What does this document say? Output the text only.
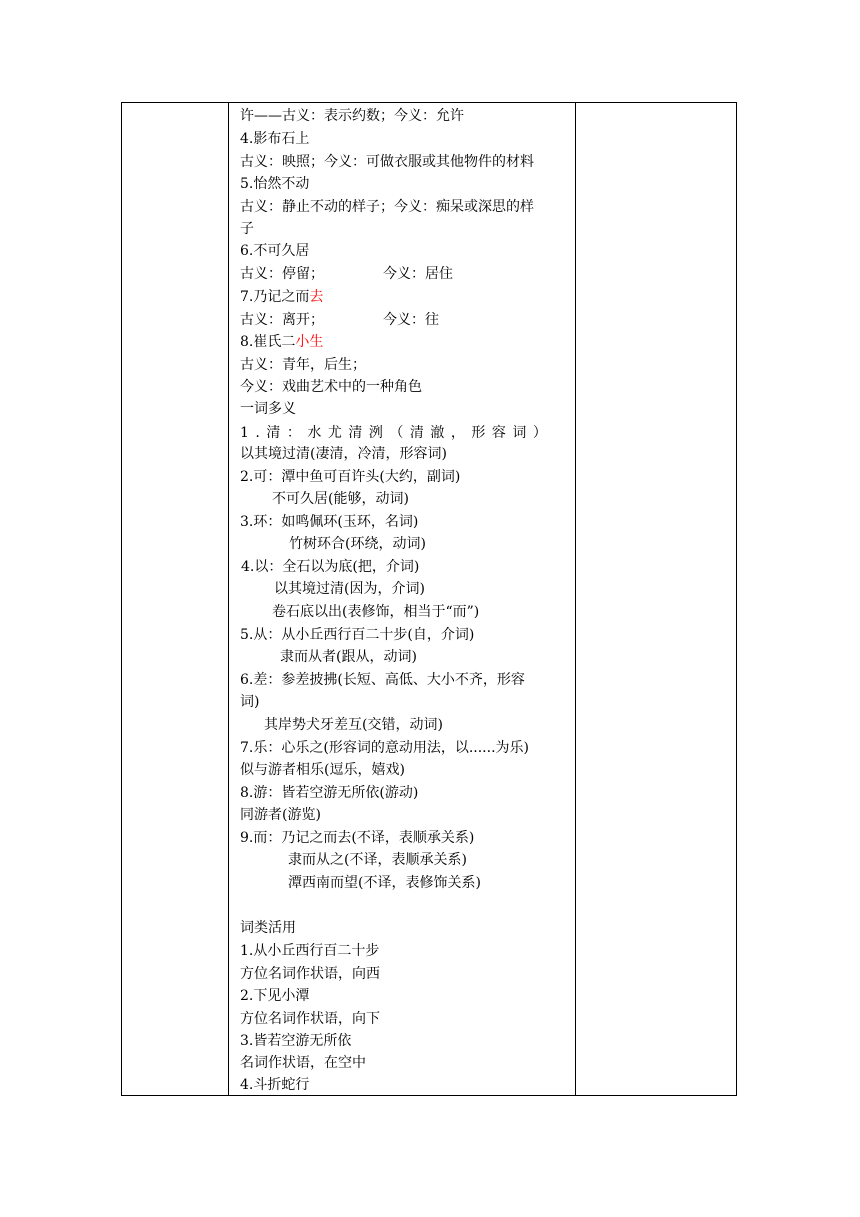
许——古义：表示约数；今义：允许
4.影布石上
古义：映照；今义：可做衣服或其他物件的材料
5.怡然不动
古义：静止不动的样子；今义：痴呆或深思的样
子
6.不可久居
古义：停留；	今义：居住
7.乃记之而去
古义：离开；	今义：往
8.崔氏二小生
古义：青年，后生；
今义：戏曲艺术中的一种角色
一词多义
1.清：水尤清洌（清澈，形容词）
以其境过清(凄清，冷清，形容词)
2.可：潭中鱼可百许头(大约，副词)
不可久居(能够，动词)
3.环：如鸣佩环(玉环，名词)
竹树环合(环绕，动词)
4.以：全石以为底(把，介词)
以其境过清(因为，介词)
卷石底以出(表修饰，相当于“而”)
5.从：从小丘西行百二十步(自，介词)
隶而从者(跟从，动词)
6.差：参差披拂(长短、高低、大小不齐，形容
词)
其岸势犬牙差互(交错，动词)
7.乐：心乐之(形容词的意动用法，以......为乐)
似与游者相乐(逗乐，嬉戏)
8.游：皆若空游无所依(游动)
同游者(游览)
9.而：乃记之而去(不译，表顺承关系)
隶而从之(不译，表顺承关系)
潭西南而望(不译，表修饰关系)
词类活用
1.从小丘西行百二十步
方位名词作状语，向西
2.下见小潭
方位名词作状语，向下
3.皆若空游无所依
名词作状语，在空中
4.斗折蛇行
